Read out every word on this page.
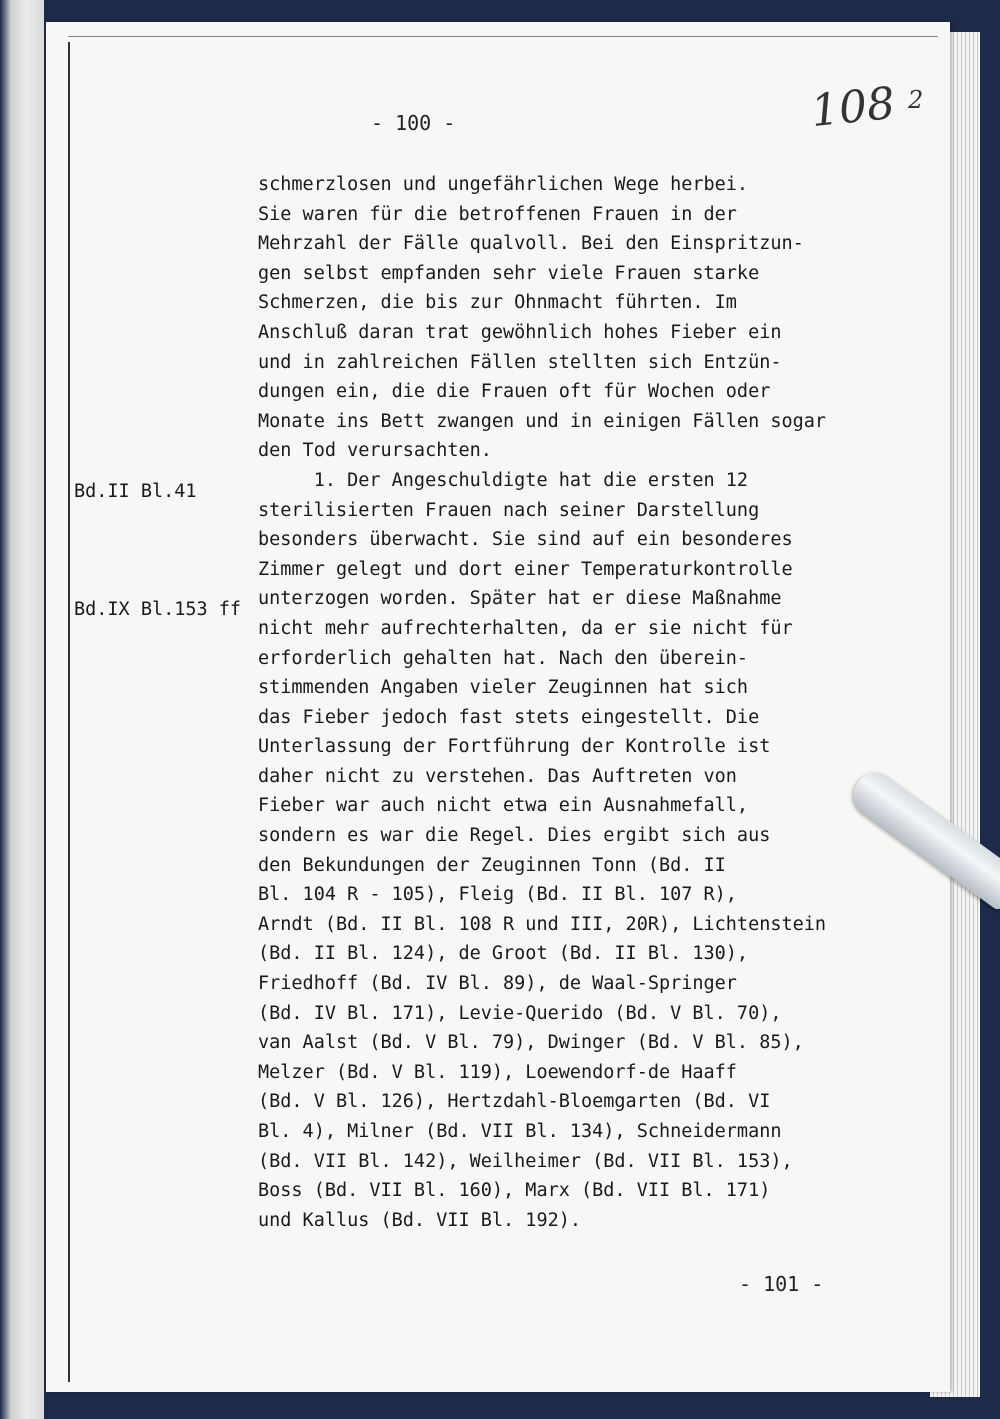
- 100 -	108 2
Bd.II Bl.41
Bd.IX Bl.153 ff
schmerzlosen und ungefährlichen Wege herbei.
Sie waren für die betroffenen Frauen in der
Mehrzahl der Fälle qualvoll. Bei den Einspritzun-
gen selbst empfanden sehr viele Frauen starke
Schmerzen, die bis zur Ohnmacht führten. Im
Anschluß daran trat gewöhnlich hohes Fieber ein
und in zahlreichen Fällen stellten sich Entzün-
dungen ein, die die Frauen oft für Wochen oder
Monate ins Bett zwangen und in einigen Fällen sogar
den Tod verursachten.
1. Der Angeschuldigte hat die ersten 12
sterilisierten Frauen nach seiner Darstellung
besonders überwacht. Sie sind auf ein besonderes
Zimmer gelegt und dort einer Temperaturkontrolle
unterzogen worden. Später hat er diese Maßnahme
nicht mehr aufrechterhalten, da er sie nicht für
erforderlich gehalten hat. Nach den überein-
stimmenden Angaben vieler Zeuginnen hat sich
das Fieber jedoch fast stets eingestellt. Die
Unterlassung der Fortführung der Kontrolle ist
daher nicht zu verstehen. Das Auftreten von
Fieber war auch nicht etwa ein Ausnahmefall,
sondern es war die Regel. Dies ergibt sich aus
den Bekundungen der Zeuginnen Tonn (Bd. II
Bl. 104 R - 105), Fleig (Bd. II Bl. 107 R),
Arndt (Bd. II Bl. 108 R und III, 20R), Lichtenstein
(Bd. II Bl. 124), de Groot (Bd. II Bl. 130),
Friedhoff (Bd. IV Bl. 89), de Waal-Springer
(Bd. IV Bl. 171), Levie-Querido (Bd. V Bl. 70),
van Aalst (Bd. V Bl. 79), Dwinger (Bd. V Bl. 85),
Melzer (Bd. V Bl. 119), Loewendorf-de Haaff
(Bd. V Bl. 126), Hertzdahl-Bloemgarten (Bd. VI
Bl. 4), Milner (Bd. VII Bl. 134), Schneidermann
(Bd. VII Bl. 142), Weilheimer (Bd. VII Bl. 153),
Boss (Bd. VII Bl. 160), Marx (Bd. VII Bl. 171)
und Kallus (Bd. VII Bl. 192).
- 101 -
